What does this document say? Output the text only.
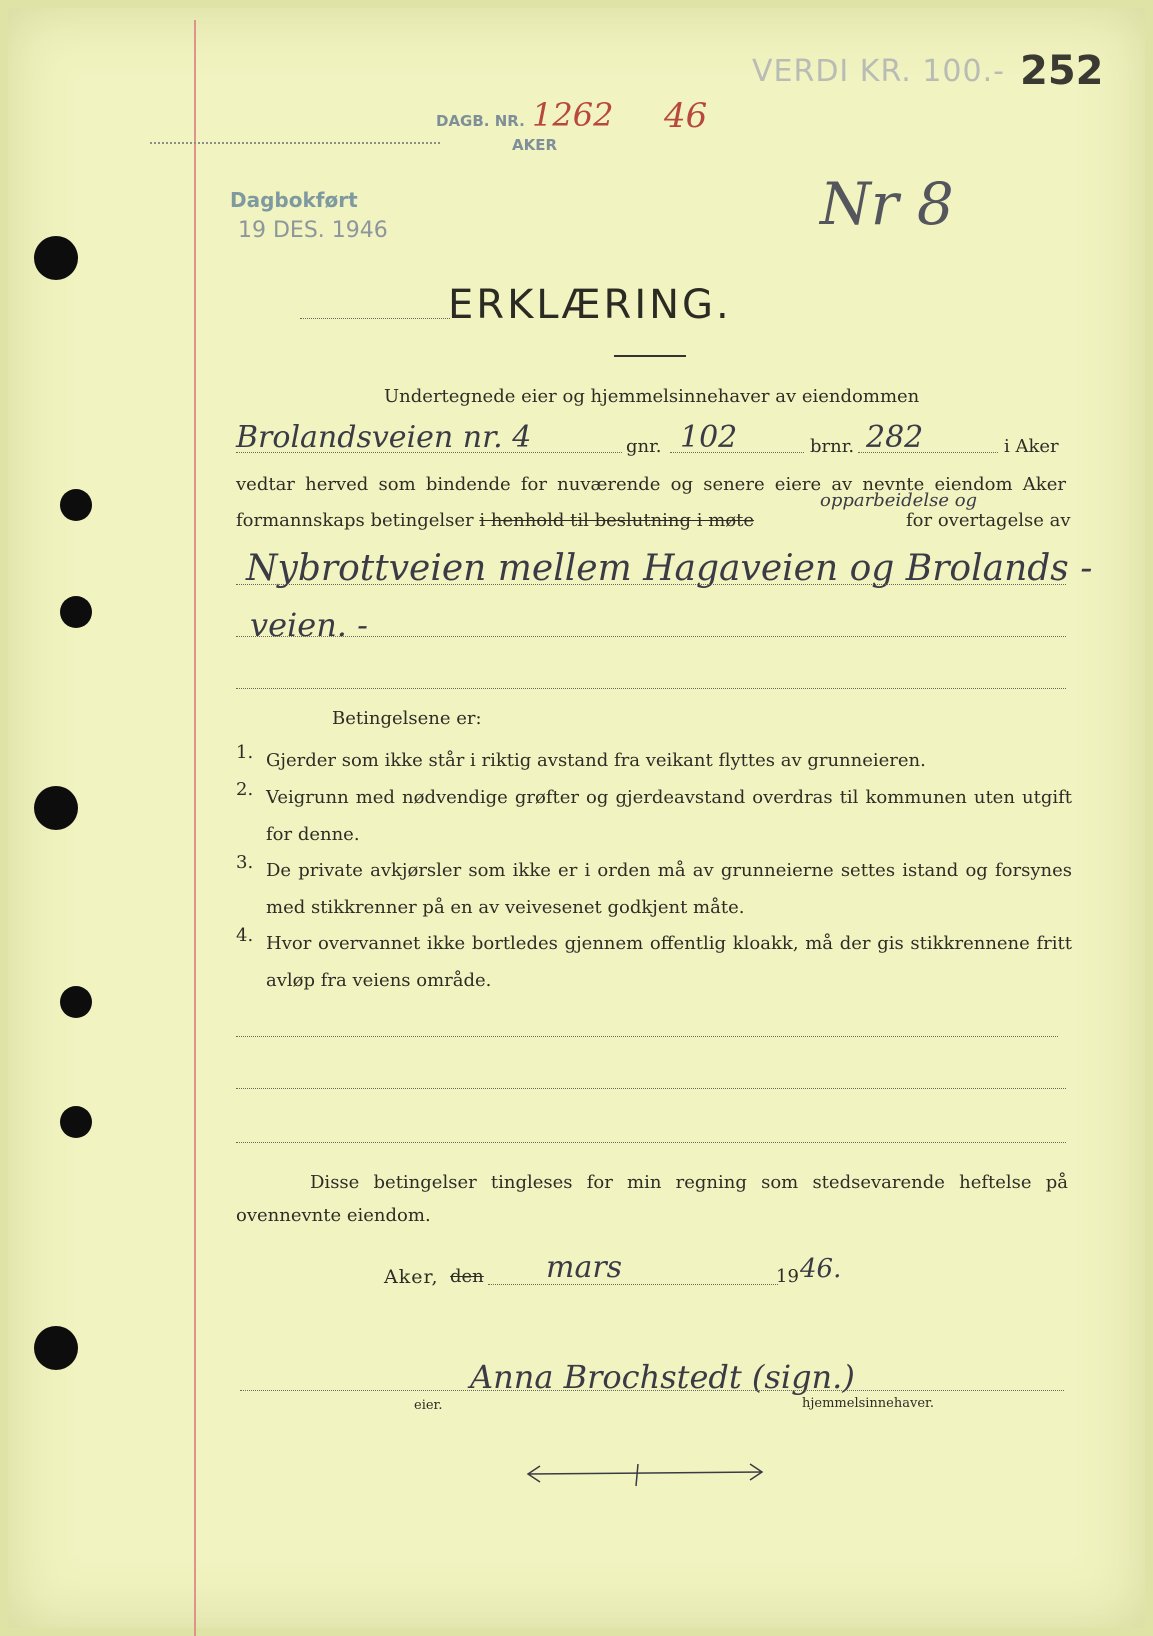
VERDI KR. 100.- 252
DAGB. NR. 1262 46
AKER
Dagbokført
19 DES. 1946	Nr 8
ERKLÆRING.
Undertegnede eier og hjemmelsinnehaver av eiendommen
Brolandsveien nr. 4	gnr. 102	brnr. 282	i Aker
vedtar herved som bindende for nuværende og senere eiere av nevnte eiendom Aker
opparbeidelse og
formannskaps betingelser i henhold til beslutning i møte	for overtagelse av
Nybrottveien mellem Hagaveien og Brolands -
veien. -
Betingelsene er:
1. Gjerder som ikke står i riktig avstand fra veikant flyttes av grunneieren.
2. Veigrunn med nødvendige grøfter og gjerdeavstand overdras til kommunen uten utgift for denne.
3. De private avkjørsler som ikke er i orden må av grunneierne settes istand og forsynes med stikkrenner på en av veivesenet godkjent måte.
4. Hvor overvannet ikke bortledes gjennem offentlig kloakk, må der gis stikkrennene fritt avløp fra veiens område.
Disse betingelser tingleses for min regning som stedsevarende heftelse på ovennevnte eiendom.
Aker, den mars	19 46.
Anna Brochstedt (sign.)
eier.	hjemmelsinnehaver.
